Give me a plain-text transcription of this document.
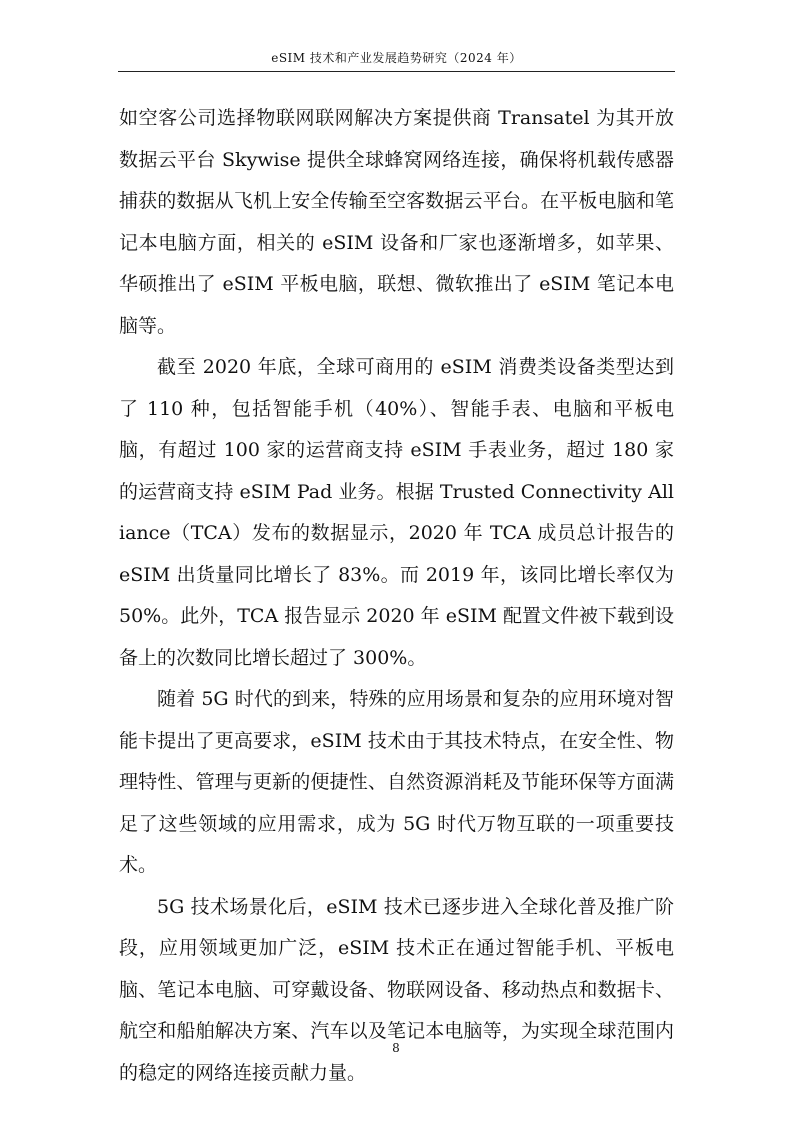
eSIM 技术和产业发展趋势研究（2024 年）

如空客公司选择物联网联网解决方案提供商 Transatel 为其开放数据云平台 Skywise 提供全球蜂窝网络连接，确保将机载传感器捕获的数据从飞机上安全传输至空客数据云平台。在平板电脑和笔记本电脑方面，相关的 eSIM 设备和厂家也逐渐增多，如苹果、华硕推出了 eSIM 平板电脑，联想、微软推出了 eSIM 笔记本电脑等。

截至 2020 年底，全球可商用的 eSIM 消费类设备类型达到了 110 种，包括智能手机（40%）、智能手表、电脑和平板电脑，有超过 100 家的运营商支持 eSIM 手表业务，超过 180 家的运营商支持 eSIM Pad 业务。根据 Trusted Connectivity Alliance（TCA）发布的数据显示，2020 年 TCA 成员总计报告的 eSIM 出货量同比增长了 83%。而 2019 年，该同比增长率仅为 50%。此外，TCA 报告显示 2020 年 eSIM 配置文件被下载到设备上的次数同比增长超过了 300%。

随着 5G 时代的到来，特殊的应用场景和复杂的应用环境对智能卡提出了更高要求，eSIM 技术由于其技术特点，在安全性、物理特性、管理与更新的便捷性、自然资源消耗及节能环保等方面满足了这些领域的应用需求，成为 5G 时代万物互联的一项重要技术。

5G 技术场景化后，eSIM 技术已逐步进入全球化普及推广阶段，应用领域更加广泛，eSIM 技术正在通过智能手机、平板电脑、笔记本电脑、可穿戴设备、物联网设备、移动热点和数据卡、航空和船舶解决方案、汽车以及笔记本电脑等，为实现全球范围内的稳定的网络连接贡献力量。

8
